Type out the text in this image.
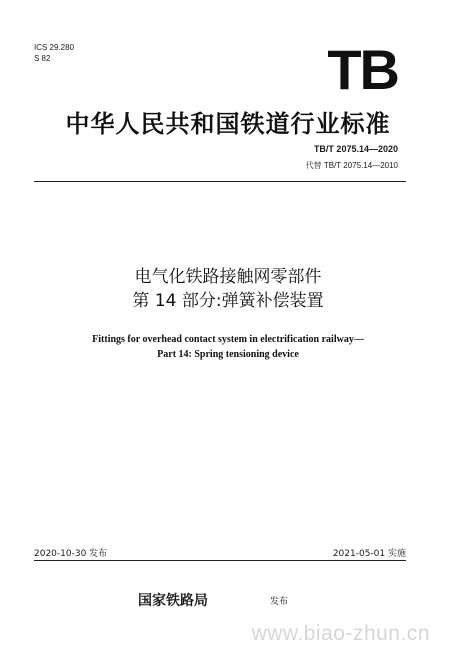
ICS 29.280
S 82	TB
中华人民共和国铁道行业标准
TB/T 2075.14—2020
代替 TB/T 2075.14—2010
电气化铁路接触网零部件
第 14 部分:弹簧补偿装置
Fittings for overhead contact system in electrification railway—
Part 14: Spring tensioning device
2020-10-30 发布	2021-05-01 实施
国家铁路局	发布
www.biao-zhun.cn
